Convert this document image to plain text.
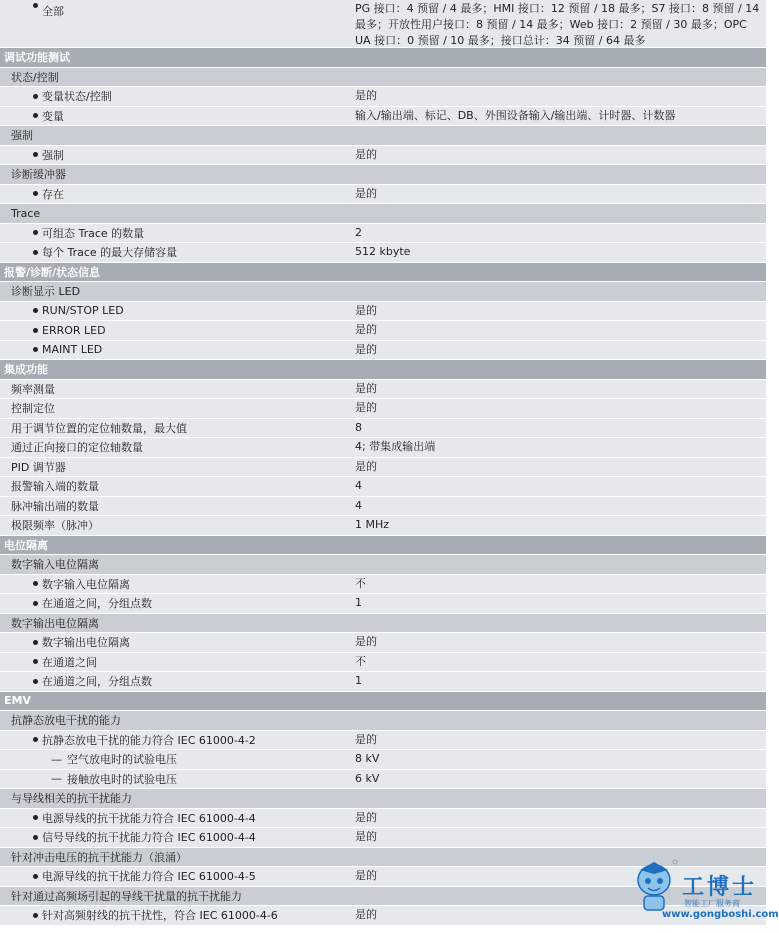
全部	PG 接口：4 预留 / 4 最多；HMI 接口：12 预留 / 18 最多；S7 接口：8 预留 / 14 最多；开放性用户接口：8 预留 / 14 最多；Web 接口：2 预留 / 30 最多；OPC UA 接口：0 预留 / 10 最多；接口总计：34 预留 / 64 最多
调试功能测试
状态/控制
变量状态/控制	是的
变量	输入/输出端、标记、DB、外围设备输入/输出端、计时器、计数器
强制
强制	是的
诊断缓冲器
存在	是的
Trace
可组态 Trace 的数量	2
每个 Trace 的最大存储容量	512 kbyte
报警/诊断/状态信息
诊断显示 LED
RUN/STOP LED	是的
ERROR LED	是的
MAINT LED	是的
集成功能
频率测量	是的
控制定位	是的
用于调节位置的定位轴数量，最大值	8
通过正向接口的定位轴数量	4; 带集成输出端
PID 调节器	是的
报警输入端的数量	4
脉冲输出端的数量	4
极限频率（脉冲）	1 MHz
电位隔离
数字输入电位隔离
数字输入电位隔离	不
在通道之间，分组点数	1
数字输出电位隔离
数字输出电位隔离	是的
在通道之间	不
在通道之间，分组点数	1
EMV
抗静态放电干扰的能力
抗静态放电干扰的能力符合 IEC 61000-4-2	是的
— 空气放电时的试验电压	8 kV
— 接触放电时的试验电压	6 kV
与导线相关的抗干扰能力
电源导线的抗干扰能力符合 IEC 61000-4-4	是的
信号导线的抗干扰能力符合 IEC 61000-4-4	是的
针对冲击电压的抗干扰能力（浪涌）
电源导线的抗干扰能力符合 IEC 61000-4-5	是的
针对通过高频场引起的导线干扰量的抗干扰能力
针对高频射线的抗干扰性，符合 IEC 61000-4-6	是的
工博士
智能工厂服务商
www.gongboshi.com
